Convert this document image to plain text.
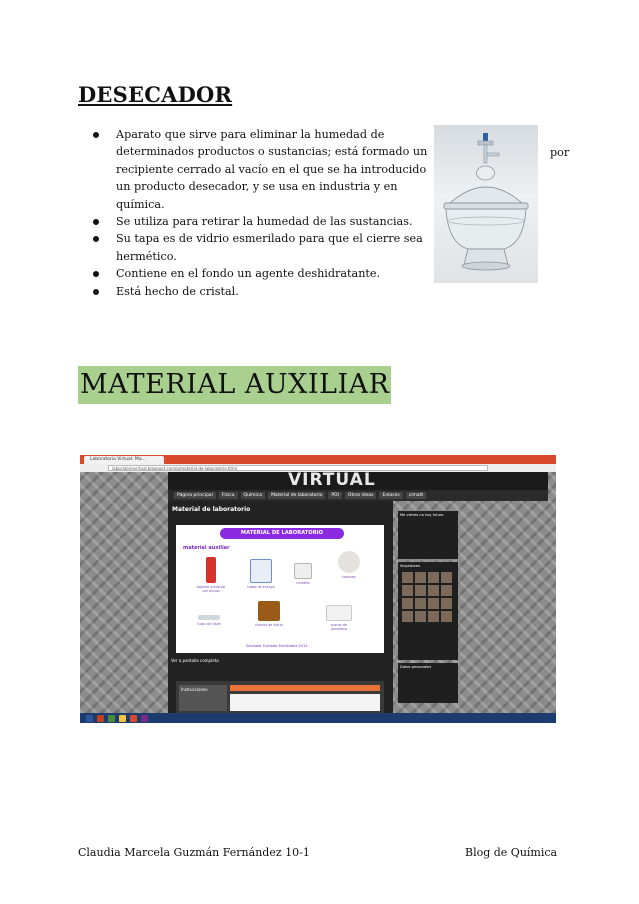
DESECADOR
Aparato que sirve para eliminar la humedad de determinados productos o sustancias; está formado un recipiente cerrado al vacío en el que se ha introducido un producto desecador, y se usa en industria y en química.
Se utiliza para retirar la humedad de las sustancias.
Su tapa es de vidrio esmerilado para que el cierre sea hermético.
Contiene en el fondo un agente deshidratante.
Está hecho de cristal.
por
MATERIAL AUXILIAR
Laboratorio Virtual: Ma...
laboratoriovirtual.blogspot.com/p/material-de-laboratorio.html
VIRTUAL
Página principal	Física	Química	Material de laboratorio	PDI	Otros ideas	Enlaces	cimatt
Material de laboratorio
MATERIAL DE LABORATORIO
material auxiliar
soporte universal con pinzas
tubos de ensayo
cristales
tapones
tubo con llave	frascos de vidrio	placas de porcelana
Salvador Hurtado Fernández 2012
Ver a pantalla completa
Instrucciones
Me vienes no hay futuro
Seguidores
Datos personales
Claudia Marcela Guzmán Fernández 10-1	Blog de Química
